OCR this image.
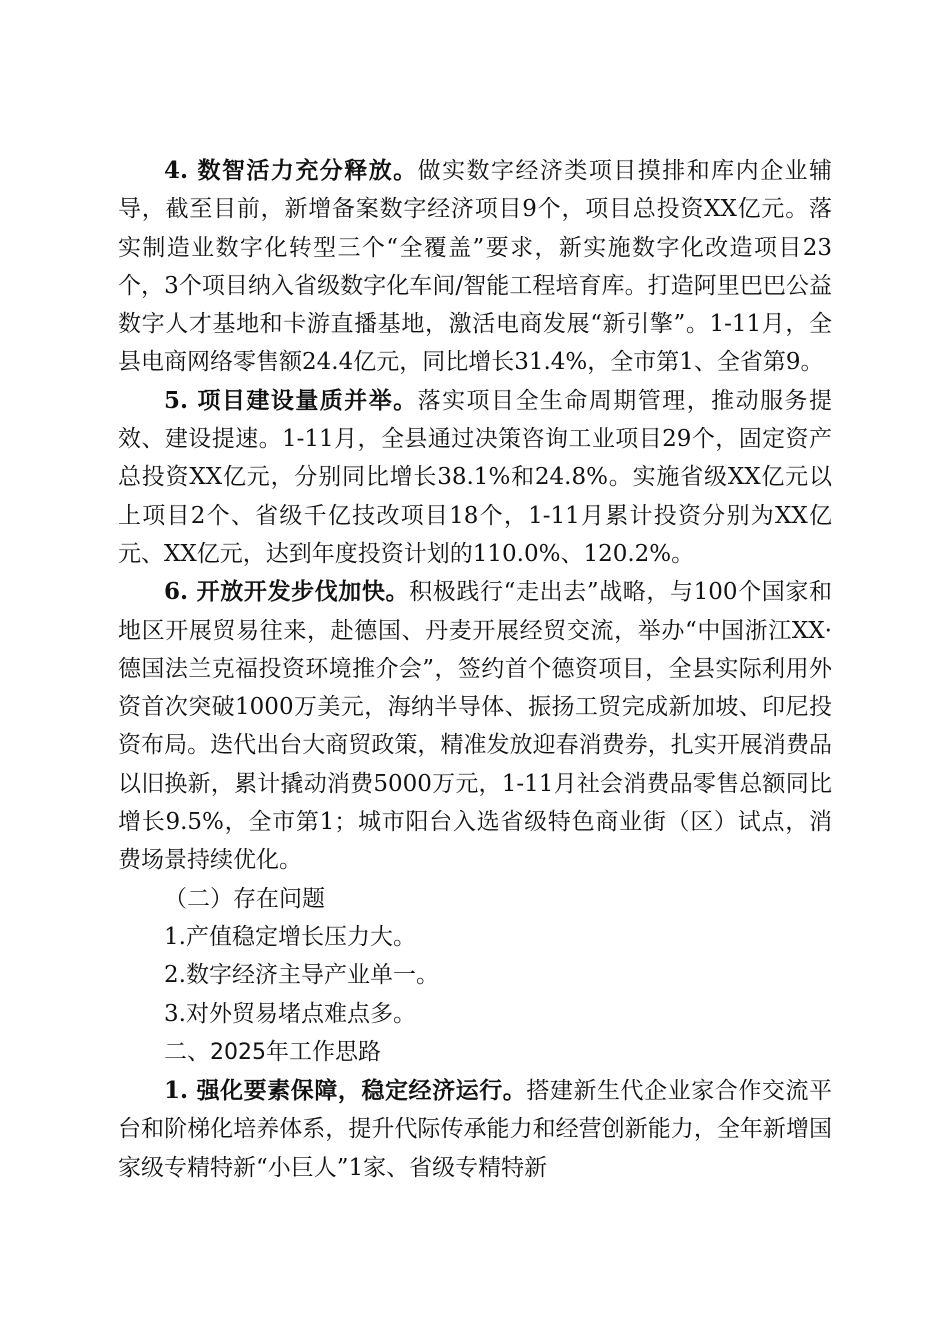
4. 数智活力充分释放。做实数字经济类项目摸排和库内企业辅导，截至目前，新增备案数字经济项目9个，项目总投资XX亿元。落实制造业数字化转型三个“全覆盖”要求，新实施数字化改造项目23个，3个项目纳入省级数字化车间/智能工程培育库。打造阿里巴巴公益数字人才基地和卡游直播基地，激活电商发展“新引擎”。1-11月，全县电商网络零售额24.4亿元，同比增长31.4%，全市第1、全省第9。

5. 项目建设量质并举。落实项目全生命周期管理，推动服务提效、建设提速。1-11月，全县通过决策咨询工业项目29个，固定资产总投资XX亿元，分别同比增长38.1%和24.8%。实施省级XX亿元以上项目2个、省级千亿技改项目18个，1-11月累计投资分别为XX亿元、XX亿元，达到年度投资计划的110.0%、120.2%。

6. 开放开发步伐加快。积极践行“走出去”战略，与100个国家和地区开展贸易往来，赴德国、丹麦开展经贸交流，举办“中国浙江XX·德国法兰克福投资环境推介会”，签约首个德资项目，全县实际利用外资首次突破1000万美元，海纳半导体、振扬工贸完成新加坡、印尼投资布局。迭代出台大商贸政策，精准发放迎春消费券，扎实开展消费品以旧换新，累计撬动消费5000万元，1-11月社会消费品零售总额同比增长9.5%，全市第1；城市阳台入选省级特色商业街（区）试点，消费场景持续优化。

（二）存在问题

1.产值稳定增长压力大。

2.数字经济主导产业单一。

3.对外贸易堵点难点多。

二、2025年工作思路

1. 强化要素保障，稳定经济运行。搭建新生代企业家合作交流平台和阶梯化培养体系，提升代际传承能力和经营创新能力，全年新增国家级专精特新“小巨人”1家、省级专精特新
